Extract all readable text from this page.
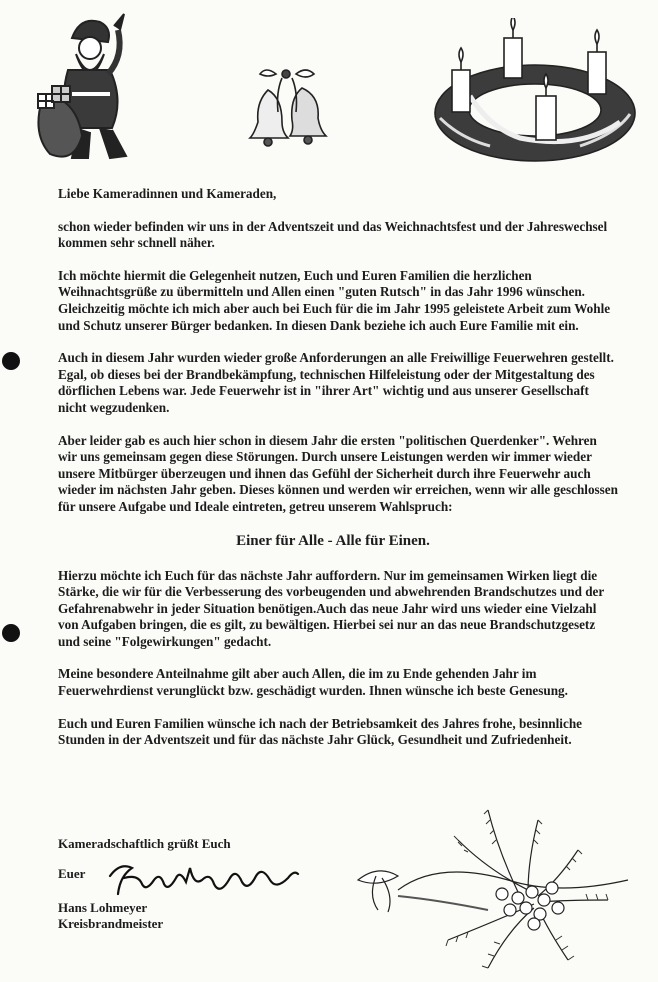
Liebe Kameradinnen und Kameraden,

schon wieder befinden wir uns in der Adventszeit und das Weichnachtsfest und der Jahreswechsel kommen sehr schnell näher.

Ich möchte hiermit die Gelegenheit nutzen, Euch und Euren Familien die herzlichen Weihnachtsgrüße zu übermitteln und Allen einen "guten Rutsch" in das Jahr 1996 wünschen. Gleichzeitig möchte ich mich aber auch bei Euch für die im Jahr 1995 geleistete Arbeit zum Wohle und Schutz unserer Bürger bedanken. In diesen Dank beziehe ich auch Eure Familie mit ein.

Auch in diesem Jahr wurden wieder große Anforderungen an alle Freiwillige Feuerwehren gestellt. Egal, ob dieses bei der Brandbekämpfung, technischen Hilfeleistung oder der Mitgestaltung des dörflichen Lebens war. Jede Feuerwehr ist in "ihrer Art" wichtig und aus unserer Gesellschaft nicht wegzudenken.

Aber leider gab es auch hier schon in diesem Jahr die ersten "politischen Querdenker". Wehren wir uns gemeinsam gegen diese Störungen. Durch unsere Leistungen werden wir immer wieder unsere Mitbürger überzeugen und ihnen das Gefühl der Sicherheit durch ihre Feuerwehr auch wieder im nächsten Jahr geben. Dieses können und werden wir erreichen, wenn wir alle geschlossen für unsere Aufgabe und Ideale eintreten, getreu unserem Wahlspruch:

Einer für Alle - Alle für Einen.

Hierzu möchte ich Euch für das nächste Jahr auffordern. Nur im gemeinsamen Wirken liegt die Stärke, die wir für die Verbesserung des vorbeugenden und abwehrenden Brandschutzes und der Gefahrenabwehr in jeder Situation benötigen.Auch das neue Jahr wird uns wieder eine Vielzahl von Aufgaben bringen, die es gilt, zu bewältigen. Hierbei sei nur an das neue Brandschutzgesetz und seine "Folgewirkungen" gedacht.

Meine besondere Anteilnahme gilt aber auch Allen, die im zu Ende gehenden Jahr im Feuerwehrdienst verunglückt bzw. geschädigt wurden. Ihnen wünsche ich beste Genesung.

Euch und Euren Familien wünsche ich nach der Betriebsamkeit des Jahres frohe, besinnliche Stunden in der Adventszeit und für das nächste Jahr Glück, Gesundheit und Zufriedenheit.

Kameradschaftlich grüßt Euch
Euer
Hans Lohmeyer
Kreisbrandmeister
